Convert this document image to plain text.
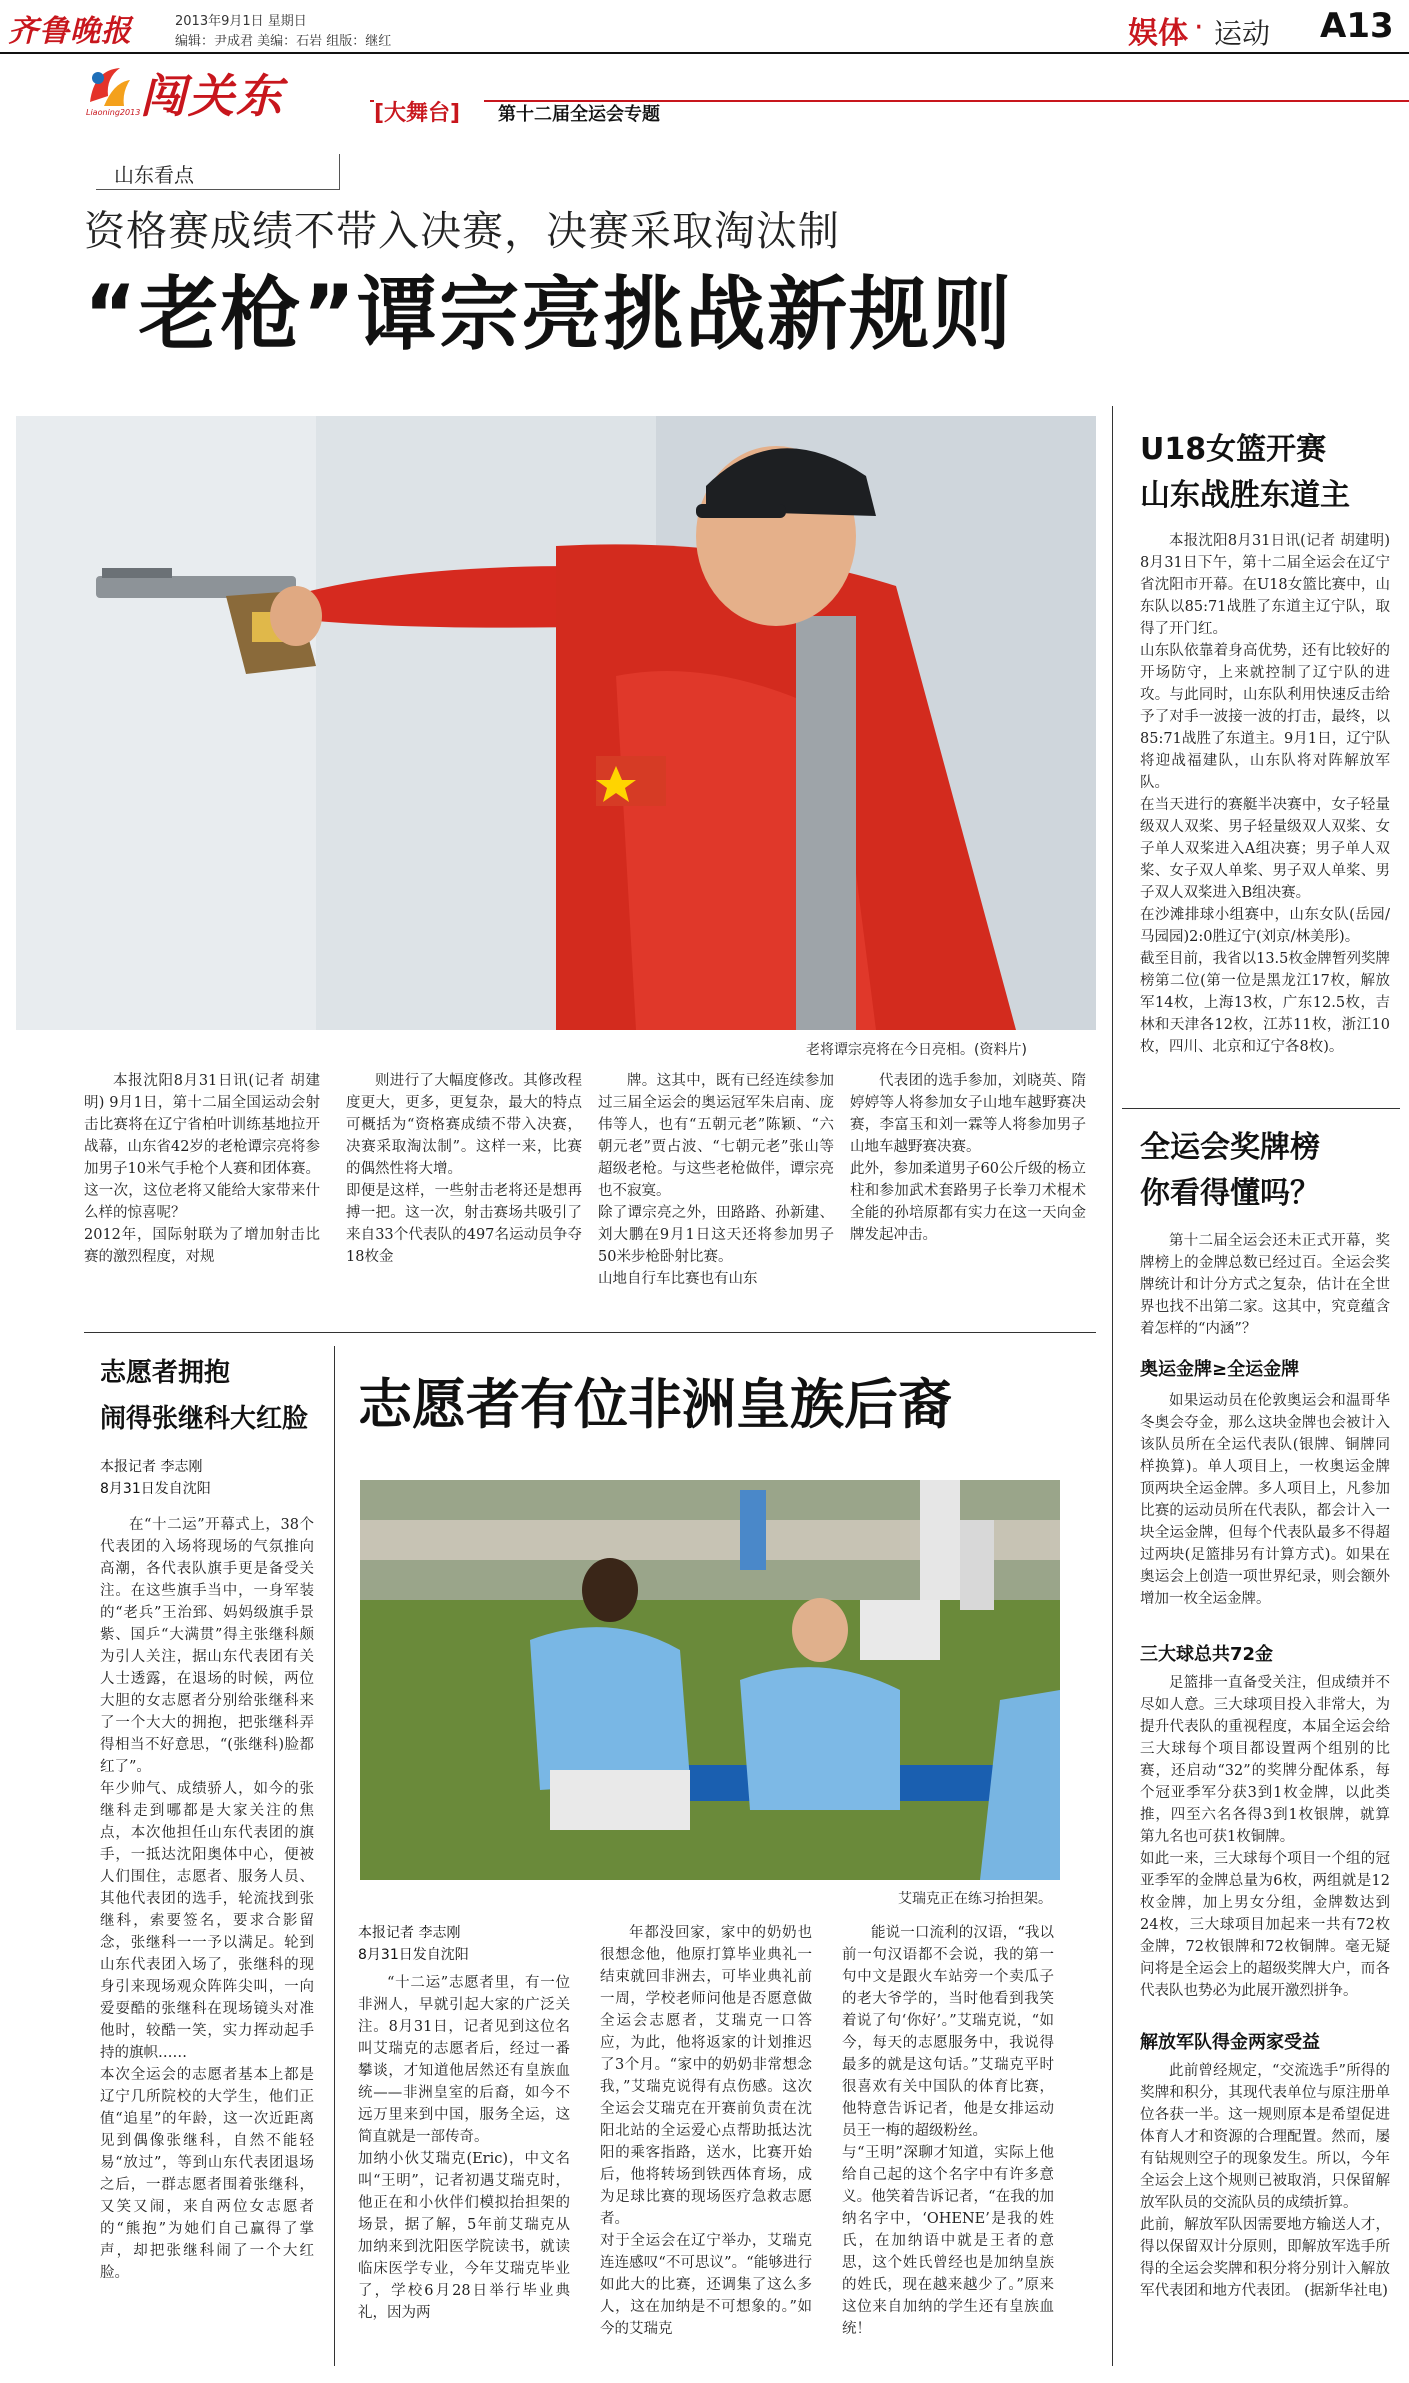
齐鲁晚报	2013年9月1日 星期日
编辑：尹成君 美编：石岩 组版：继红	娱体 · 运动 A13
Liaoning2013 闯关东	[大舞台]	第十二届全运会专题
山东看点
资格赛成绩不带入决赛，决赛采取淘汰制
“老枪”谭宗亮挑战新规则
老将谭宗亮将在今日亮相。(资料片)

本报沈阳8月31日讯(记者 胡建明) 9月1日，第十二届全国运动会射击比赛将在辽宁省柏叶训练基地拉开战幕，山东省42岁的老枪谭宗亮将参加男子10米气手枪个人赛和团体赛。这一次，这位老将又能给大家带来什么样的惊喜呢？
2012年，国际射联为了增加射击比赛的激烈程度，对规

则进行了大幅度修改。其修改程度更大，更多，更复杂，最大的特点可概括为“资格赛成绩不带入决赛，决赛采取淘汰制”。这样一来，比赛的偶然性将大增。
即便是这样，一些射击老将还是想再搏一把。这一次，射击赛场共吸引了来自33个代表队的497名运动员争夺18枚金

牌。这其中，既有已经连续参加过三届全运会的奥运冠军朱启南、庞伟等人，也有“五朝元老”陈颖、“六朝元老”贾占波、“七朝元老”张山等超级老枪。与这些老枪做伴，谭宗亮也不寂寞。
除了谭宗亮之外，田路路、孙新建、刘大鹏在9月1日这天还将参加男子50米步枪卧射比赛。
山地自行车比赛也有山东

代表团的选手参加，刘晓英、隋婷婷等人将参加女子山地车越野赛决赛，李富玉和刘一霖等人将参加男子山地车越野赛决赛。
此外，参加柔道男子60公斤级的杨立柱和参加武术套路男子长拳刀术棍术全能的孙培原都有实力在这一天向金牌发起冲击。

U18女篮开赛
山东战胜东道主
本报沈阳8月31日讯(记者 胡建明) 8月31日下午，第十二届全运会在辽宁省沈阳市开幕。在U18女篮比赛中，山东队以85:71战胜了东道主辽宁队，取得了开门红。
山东队依靠着身高优势，还有比较好的开场防守，上来就控制了辽宁队的进攻。与此同时，山东队利用快速反击给予了对手一波接一波的打击，最终，以85:71战胜了东道主。9月1日，辽宁队将迎战福建队，山东队将对阵解放军队。
在当天进行的赛艇半决赛中，女子轻量级双人双桨、男子轻量级双人双桨、女子单人双桨进入A组决赛；男子单人双桨、女子双人单桨、男子双人单桨、男子双人双桨进入B组决赛。
在沙滩排球小组赛中，山东女队(岳园/马园园)2:0胜辽宁(刘京/林美彤)。
截至目前，我省以13.5枚金牌暂列奖牌榜第二位(第一位是黑龙江17枚，解放军14枚，上海13枚，广东12.5枚，吉林和天津各12枚，江苏11枚，浙江10枚，四川、北京和辽宁各8枚)。
全运会奖牌榜
你看得懂吗？
第十二届全运会还未正式开幕，奖牌榜上的金牌总数已经过百。全运会奖牌统计和计分方式之复杂，估计在全世界也找不出第二家。这其中，究竟蕴含着怎样的“内涵”？
奥运金牌≥全运金牌
如果运动员在伦敦奥运会和温哥华冬奥会夺金，那么这块金牌也会被计入该队员所在全运代表队(银牌、铜牌同样换算)。单人项目上，一枚奥运金牌顶两块全运金牌。多人项目上，凡参加比赛的运动员所在代表队，都会计入一块全运金牌，但每个代表队最多不得超过两块(足篮排另有计算方式)。如果在奥运会上创造一项世界纪录，则会额外增加一枚全运金牌。
三大球总共72金
足篮排一直备受关注，但成绩并不尽如人意。三大球项目投入非常大，为提升代表队的重视程度，本届全运会给三大球每个项目都设置两个组别的比赛，还启动“32”的奖牌分配体系，每个冠亚季军分获3到1枚金牌，以此类推，四至六名各得3到1枚银牌，就算第九名也可获1枚铜牌。
如此一来，三大球每个项目一个组的冠亚季军的金牌总量为6枚，两组就是12枚金牌，加上男女分组，金牌数达到24枚，三大球项目加起来一共有72枚金牌，72枚银牌和72枚铜牌。毫无疑问将是全运会上的超级奖牌大户，而各代表队也势必为此展开激烈拼争。
解放军队得金两家受益
此前曾经规定，“交流选手”所得的奖牌和积分，其现代表单位与原注册单位各获一半。这一规则原本是希望促进体育人才和资源的合理配置。然而，屡有钻规则空子的现象发生。所以，今年全运会上这个规则已被取消，只保留解放军队员的交流队员的成绩折算。
此前，解放军队因需要地方输送人才，得以保留双计分原则，即解放军选手所得的全运会奖牌和积分将分别计入解放军代表团和地方代表团。 (据新华社电)
志愿者拥抱
闹得张继科大红脸
本报记者 李志刚
8月31日发自沈阳
在“十二运”开幕式上，38个代表团的入场将现场的气氛推向高潮，各代表队旗手更是备受关注。在这些旗手当中，一身军装的“老兵”王治郅、妈妈级旗手景紫、国乒“大满贯”得主张继科颇为引人关注，据山东代表团有关人士透露，在退场的时候，两位大胆的女志愿者分别给张继科来了一个大大的拥抱，把张继科弄得相当不好意思，“(张继科)脸都红了”。
年少帅气、成绩骄人，如今的张继科走到哪都是大家关注的焦点，本次他担任山东代表团的旗手，一抵达沈阳奥体中心，便被人们围住，志愿者、服务人员、其他代表团的选手，轮流找到张继科，索要签名，要求合影留念，张继科一一予以满足。轮到山东代表团入场了，张继科的现身引来现场观众阵阵尖叫，一向爱耍酷的张继科在现场镜头对准他时，较酷一笑，实力挥动起手持的旗帜……
本次全运会的志愿者基本上都是辽宁几所院校的大学生，他们正值“追星”的年龄，这一次近距离见到偶像张继科，自然不能轻易“放过”，等到山东代表团退场之后，一群志愿者围着张继科，又笑又闹，来自两位女志愿者的“熊抱”为她们自己赢得了掌声，却把张继科闹了一个大红脸。
志愿者有位非洲皇族后裔
艾瑞克正在练习抬担架。
本报记者 李志刚
8月31日发自沈阳
“十二运”志愿者里，有一位非洲人，早就引起大家的广泛关注。8月31日，记者见到这位名叫艾瑞克的志愿者后，经过一番攀谈，才知道他居然还有皇族血统——非洲皇室的后裔，如今不远万里来到中国，服务全运，这简直就是一部传奇。
加纳小伙艾瑞克(Eric)，中文名叫“王明”，记者初遇艾瑞克时，他正在和小伙伴们模拟抬担架的场景，据了解，5年前艾瑞克从加纳来到沈阳医学院读书，就读临床医学专业，今年艾瑞克毕业了，学校6月28日举行毕业典礼，因为两
年都没回家，家中的奶奶也很想念他，他原打算毕业典礼一结束就回非洲去，可毕业典礼前一周，学校老师问他是否愿意做全运会志愿者，艾瑞克一口答应，为此，他将返家的计划推迟了3个月。“家中的奶奶非常想念我，”艾瑞克说得有点伤感。这次全运会艾瑞克在开赛前负责在沈阳北站的全运爱心点帮助抵达沈阳的乘客指路，送水，比赛开始后，他将转场到铁西体育场，成为足球比赛的现场医疗急救志愿者。
对于全运会在辽宁举办，艾瑞克连连感叹“不可思议”。“能够进行如此大的比赛，还调集了这么多人，这在加纳是不可想象的。”如今的艾瑞克
能说一口流利的汉语，“我以前一句汉语都不会说，我的第一句中文是跟火车站旁一个卖瓜子的老大爷学的，当时他看到我笑着说了句‘你好’。”艾瑞克说，“如今，每天的志愿服务中，我说得最多的就是这句话。”艾瑞克平时很喜欢有关中国队的体育比赛，他特意告诉记者，他是女排运动员王一梅的超级粉丝。
与“王明”深聊才知道，实际上他给自己起的这个名字中有许多意义。他笑着告诉记者，“在我的加纳名字中，‘OHENE’是我的姓氏，在加纳语中就是王者的意思，这个姓氏曾经也是加纳皇族的姓氏，现在越来越少了。”原来这位来自加纳的学生还有皇族血统！
